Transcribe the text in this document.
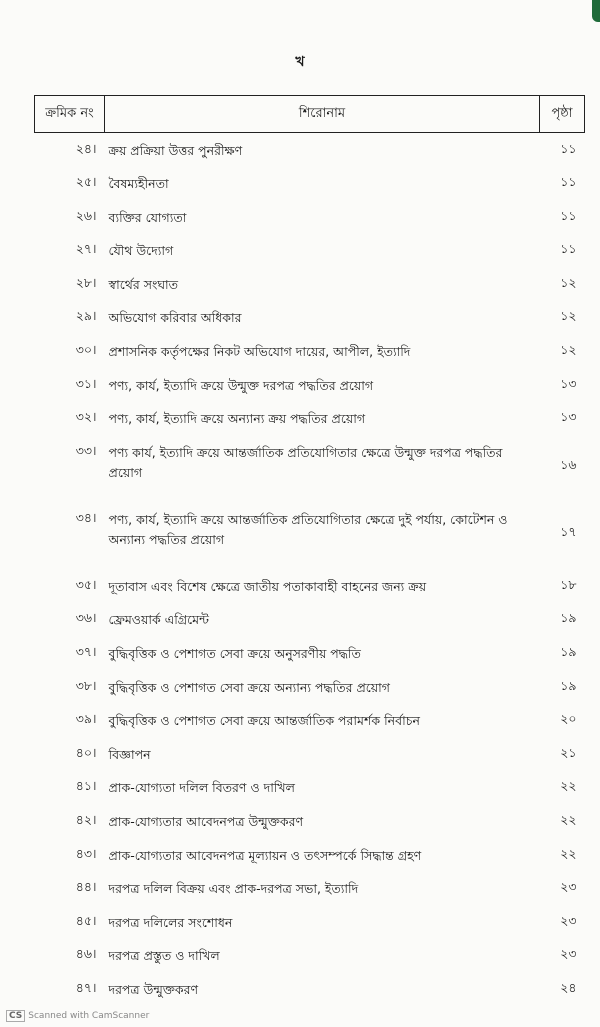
খ
ক্রমিক নং	শিরোনাম	পৃষ্ঠা
২৪।	ক্রয় প্রক্রিয়া উত্তর পুনরীক্ষণ	১১
২৫।	বৈষম্যহীনতা	১১
২৬।	ব্যক্তির যোগ্যতা	১১
২৭।	যৌথ উদ্যোগ	১১
২৮।	স্বার্থের সংঘাত	১২
২৯।	অভিযোগ করিবার অধিকার	১২
৩০।	প্রশাসনিক কর্তৃপক্ষের নিকট অভিযোগ দায়ের, আপীল, ইত্যাদি	১২
৩১।	পণ্য, কার্য, ইত্যাদি ক্রয়ে উন্মুক্ত দরপত্র পদ্ধতির প্রয়োগ	১৩
৩২।	পণ্য, কার্য, ইত্যাদি ক্রয়ে অন্যান্য ক্রয় পদ্ধতির প্রয়োগ	১৩
৩৩।	পণ্য কার্য, ইত্যাদি ক্রয়ে আন্তর্জাতিক প্রতিযোগিতার ক্ষেত্রে উন্মুক্ত দরপত্র পদ্ধতির প্রয়োগ	১৬
৩৪।	পণ্য, কার্য, ইত্যাদি ক্রয়ে আন্তর্জাতিক প্রতিযোগিতার ক্ষেত্রে দুই পর্যায়, কোটেশন ও অন্যান্য পদ্ধতির প্রয়োগ	১৭
৩৫।	দূতাবাস এবং বিশেষ ক্ষেত্রে জাতীয় পতাকাবাহী বাহনের জন্য ক্রয়	১৮
৩৬।	ফ্রেমওয়ার্ক এগ্রিমেন্ট	১৯
৩৭।	বুদ্ধিবৃত্তিক ও পেশাগত সেবা ক্রয়ে অনুসরণীয় পদ্ধতি	১৯
৩৮।	বুদ্ধিবৃত্তিক ও পেশাগত সেবা ক্রয়ে অন্যান্য পদ্ধতির প্রয়োগ	১৯
৩৯।	বুদ্ধিবৃত্তিক ও পেশাগত সেবা ক্রয়ে আন্তর্জাতিক পরামর্শক নির্বাচন	২০
৪০।	বিজ্ঞাপন	২১
৪১।	প্রাক-যোগ্যতা দলিল বিতরণ ও দাখিল	২২
৪২।	প্রাক-যোগ্যতার আবেদনপত্র উন্মুক্তকরণ	২২
৪৩।	প্রাক-যোগ্যতার আবেদনপত্র মূল্যায়ন ও তৎসম্পর্কে সিদ্ধান্ত গ্রহণ	২২
৪৪।	দরপত্র দলিল বিক্রয় এবং প্রাক-দরপত্র সভা, ইত্যাদি	২৩
৪৫।	দরপত্র দলিলের সংশোধন	২৩
৪৬।	দরপত্র প্রস্তুত ও দাখিল	২৩
৪৭।	দরপত্র উন্মুক্তকরণ	২৪
CS Scanned with CamScanner
